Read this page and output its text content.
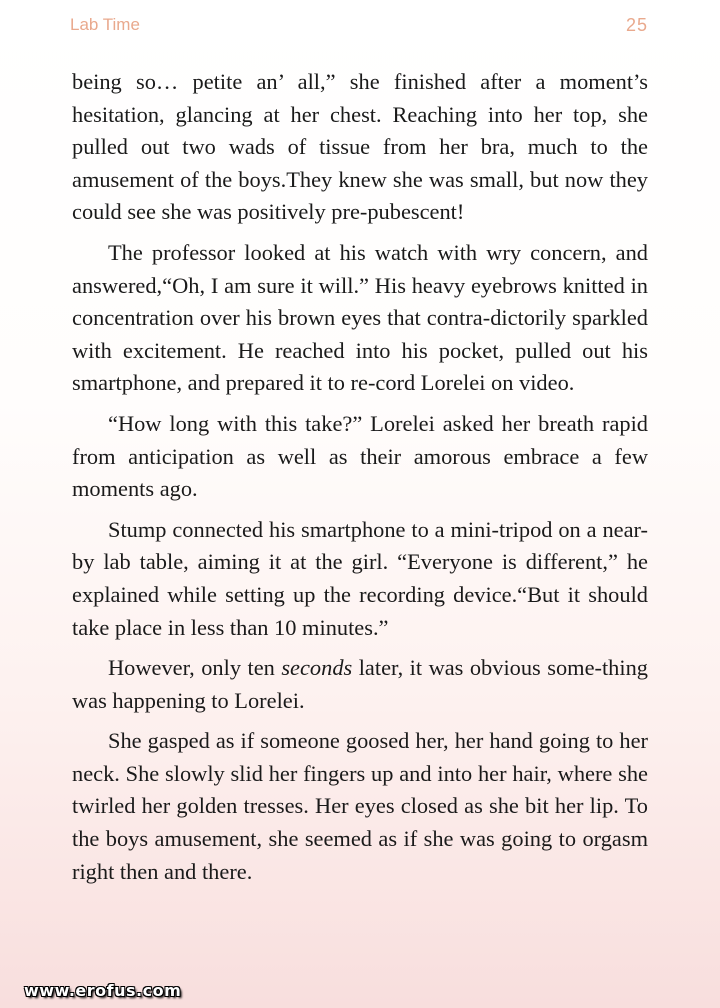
Lab Time	25

being so… petite an’ all,” she finished after a moment’s hesitation, glancing at her chest. Reaching into her top, she pulled out two wads of tissue from her bra, much to the amusement of the boys.They knew she was small, but now they could see she was positively pre-pubescent!

The professor looked at his watch with wry concern, and answered,“Oh, I am sure it will.” His heavy eyebrows knitted in concentration over his brown eyes that contra-dictorily sparkled with excitement. He reached into his pocket, pulled out his smartphone, and prepared it to re-cord Lorelei on video.

“How long with this take?” Lorelei asked her breath rapid from anticipation as well as their amorous embrace a few moments ago.

Stump connected his smartphone to a mini-tripod on a near-by lab table, aiming it at the girl. “Everyone is different,” he explained while setting up the recording device.“But it should take place in less than 10 minutes.”

However, only ten seconds later, it was obvious some-thing was happening to Lorelei.

She gasped as if someone goosed her, her hand going to her neck. She slowly slid her fingers up and into her hair, where she twirled her golden tresses. Her eyes closed as she bit her lip. To the boys amusement, she seemed as if she was going to orgasm right then and there.

www.erofus.com
